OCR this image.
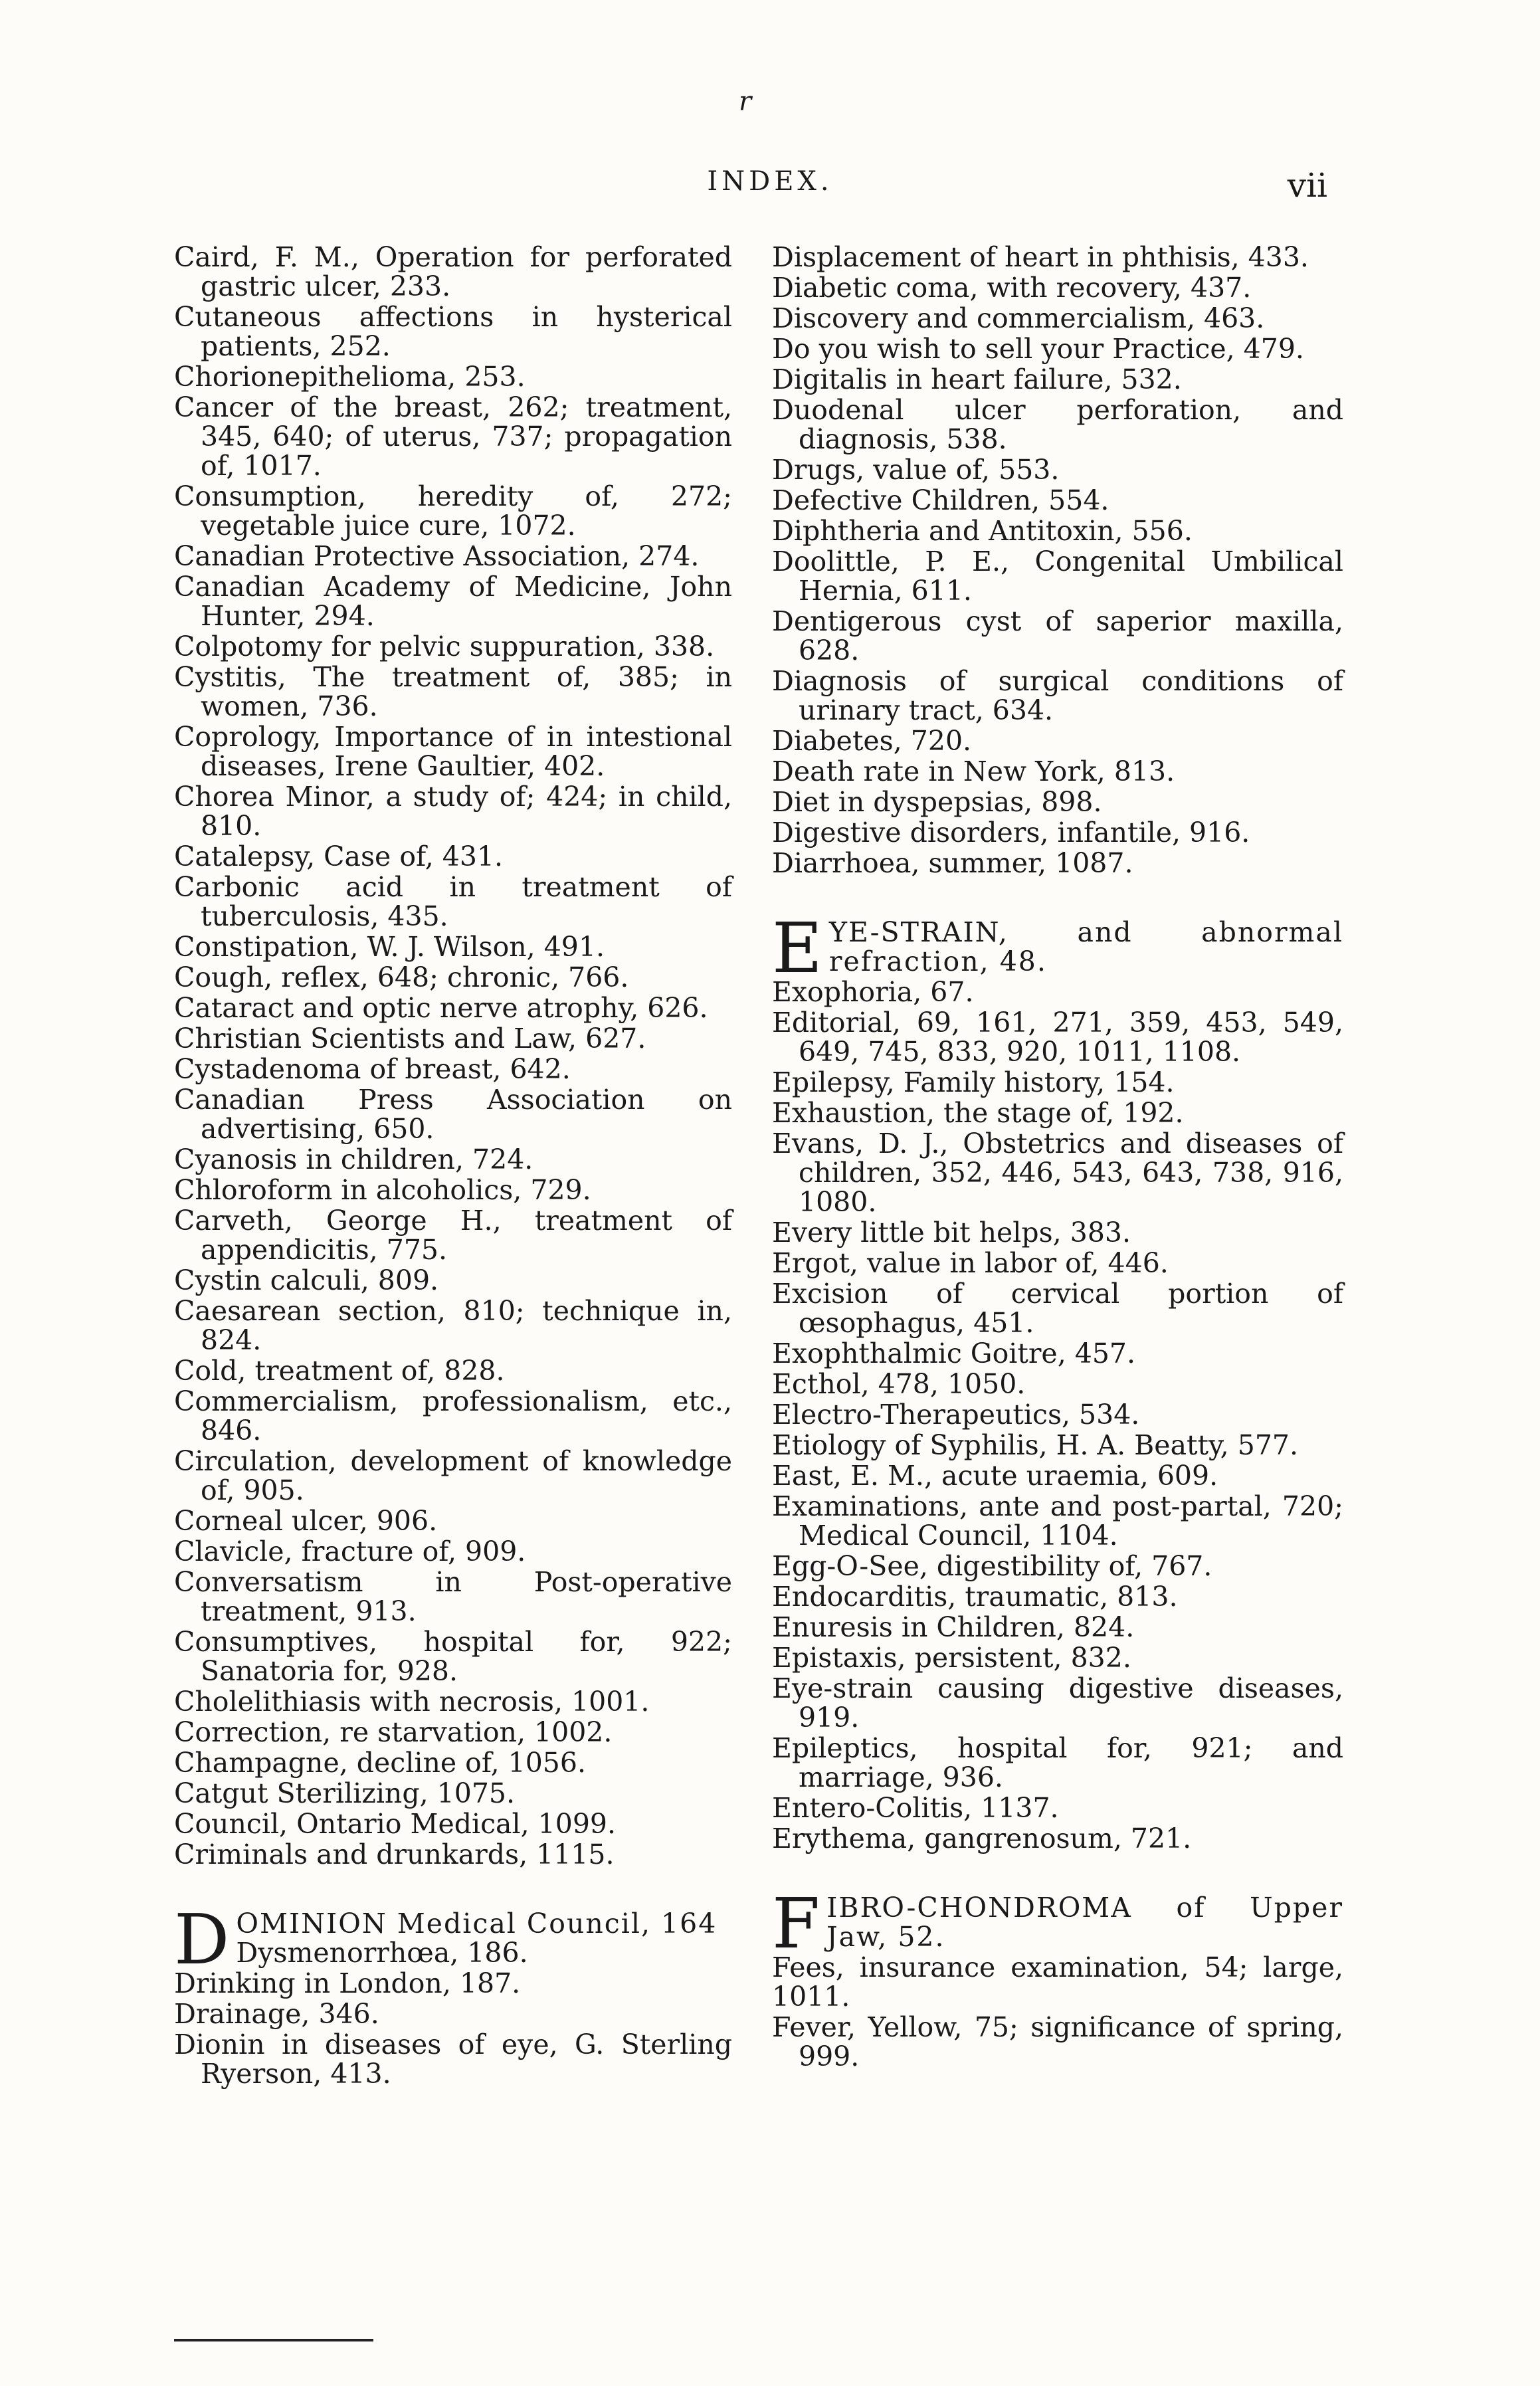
r
INDEX.	vii

Caird, F. M., Operation for perforated gastric ulcer, 233.

Cutaneous affections in hysterical patients, 252.

Chorionepithelioma, 253.

Cancer of the breast, 262; treatment, 345, 640; of uterus, 737; propagation of, 1017.

Consumption, heredity of, 272; vegetable juice cure, 1072.

Canadian Protective Association, 274.

Canadian Academy of Medicine, John Hunter, 294.

Colpotomy for pelvic suppuration, 338.

Cystitis, The treatment of, 385; in women, 736.

Coprology, Importance of in intestional diseases, Irene Gaultier, 402.

Chorea Minor, a study of; 424; in child, 810.

Catalepsy, Case of, 431.

Carbonic acid in treatment of tuberculosis, 435.

Constipation, W. J. Wilson, 491.

Cough, reflex, 648; chronic, 766.

Cataract and optic nerve atrophy, 626.

Christian Scientists and Law, 627.

Cystadenoma of breast, 642.

Canadian Press Association on advertising, 650.

Cyanosis in children, 724.

Chloroform in alcoholics, 729.

Carveth, George H., treatment of appendicitis, 775.

Cystin calculi, 809.

Caesarean section, 810; technique in, 824.

Cold, treatment of, 828.

Commercialism, professionalism, etc., 846.

Circulation, development of knowledge of, 905.

Corneal ulcer, 906.

Clavicle, fracture of, 909.

Conversatism in Post-operative treatment, 913.

Consumptives, hospital for, 922; Sanatoria for, 928.

Cholelithiasis with necrosis, 1001.

Correction, re starvation, 1002.

Champagne, decline of, 1056.

Catgut Sterilizing, 1075.

Council, Ontario Medical, 1099.

Criminals and drunkards, 1115.

DOMINION Medical Council, 164
Dysmenorrhœa, 186.

Drinking in London, 187.

Drainage, 346.

Dionin in diseases of eye, G. Sterling Ryerson, 413.

Displacement of heart in phthisis, 433.

Diabetic coma, with recovery, 437.

Discovery and commercialism, 463.

Do you wish to sell your Practice, 479.

Digitalis in heart failure, 532.

Duodenal ulcer perforation, and diagnosis, 538.

Drugs, value of, 553.

Defective Children, 554.

Diphtheria and Antitoxin, 556.

Doolittle, P. E., Congenital Umbilical Hernia, 611.

Dentigerous cyst of saperior maxilla, 628.

Diagnosis of surgical conditions of urinary tract, 634.

Diabetes, 720.

Death rate in New York, 813.

Diet in dyspepsias, 898.

Digestive disorders, infantile, 916.

Diarrhoea, summer, 1087.

EYE-STRAIN, and abnormal refraction, 48.

Exophoria, 67.

Editorial, 69, 161, 271, 359, 453, 549, 649, 745, 833, 920, 1011, 1108.

Epilepsy, Family history, 154.

Exhaustion, the stage of, 192.

Evans, D. J., Obstetrics and diseases of children, 352, 446, 543, 643, 738, 916, 1080.

Every little bit helps, 383.

Ergot, value in labor of, 446.

Excision of cervical portion of œsophagus, 451.

Exophthalmic Goitre, 457.

Ecthol, 478, 1050.

Electro-Therapeutics, 534.

Etiology of Syphilis, H. A. Beatty, 577.

East, E. M., acute uraemia, 609.

Examinations, ante and post-partal, 720; Medical Council, 1104.

Egg-O-See, digestibility of, 767.

Endocarditis, traumatic, 813.

Enuresis in Children, 824.

Epistaxis, persistent, 832.

Eye-strain causing digestive diseases, 919.

Epileptics, hospital for, 921; and marriage, 936.

Entero-Colitis, 1137.

Erythema, gangrenosum, 721.

FIBRO-CHONDROMA of Upper Jaw, 52.

Fees, insurance examination, 54; large, 1011.

Fever, Yellow, 75; significance of spring, 999.
